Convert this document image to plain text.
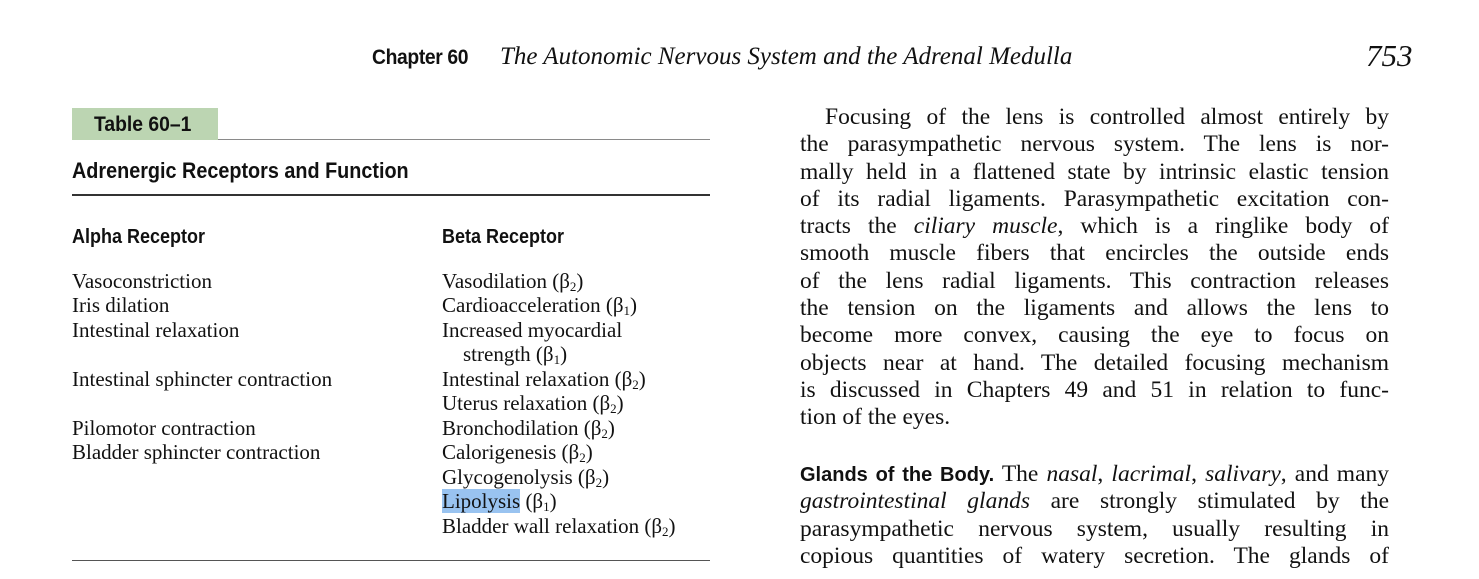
Chapter 60 The Autonomic Nervous System and the Adrenal Medulla	753
Table 60–1
Adrenergic Receptors and Function
Alpha Receptor	Beta Receptor
Vasoconstriction
Iris dilation
Intestinal relaxation
Intestinal sphincter contraction
Pilomotor contraction
Bladder sphincter contraction
Vasodilation $(\beta_2)$
Cardioacceleration $(\beta_1)$
Increased myocardial
strength $(\beta_1)$
Intestinal relaxation $(\beta_2)$
Uterus relaxation $(\beta_2)$
Bronchodilation $(\beta_2)$
Calorigenesis $(\beta_2)$
Glycogenolysis $(\beta_2)$
Lipolysis $(\beta_1)$
Bladder wall relaxation $(\beta_2)$
Focusing of the lens is controlled almost entirely by
the parasympathetic nervous system. The lens is nor-
mally held in a flattened state by intrinsic elastic tension
of its radial ligaments. Parasympathetic excitation con-
tracts the ciliary muscle, which is a ringlike body of
smooth muscle fibers that encircles the outside ends
of the lens radial ligaments. This contraction releases
the tension on the ligaments and allows the lens to
become more convex, causing the eye to focus on
objects near at hand. The detailed focusing mechanism
is discussed in Chapters 49 and 51 in relation to func-
tion of the eyes.
Glands of the Body. The nasal, lacrimal, salivary, and many
gastrointestinal glands are strongly stimulated by the
parasympathetic nervous system, usually resulting in
copious quantities of watery secretion. The glands of
